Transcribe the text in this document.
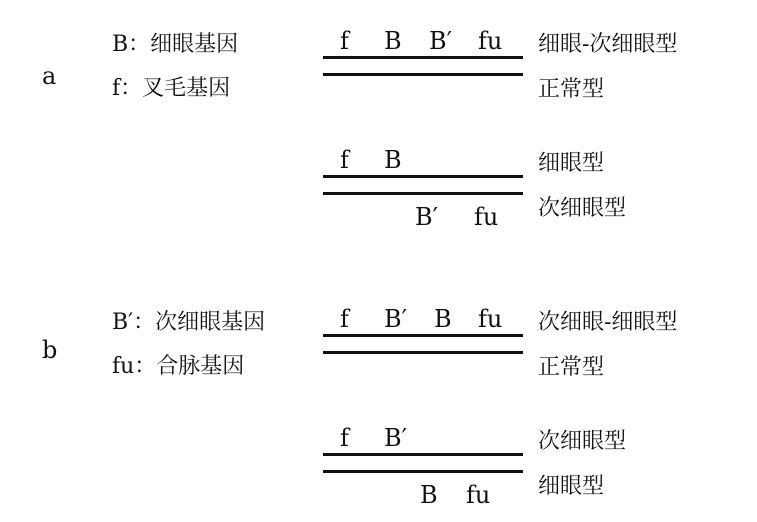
a
B：细眼基因
f：叉毛基因
f B B′ fu 细眼-次细眼型
正常型
f B
B′ fu
细眼型
次细眼型
b
B′：次细眼基因
fu：合脉基因
f B′ B fu 次细眼-细眼型
正常型
f B′
B fu
次细眼型
细眼型
